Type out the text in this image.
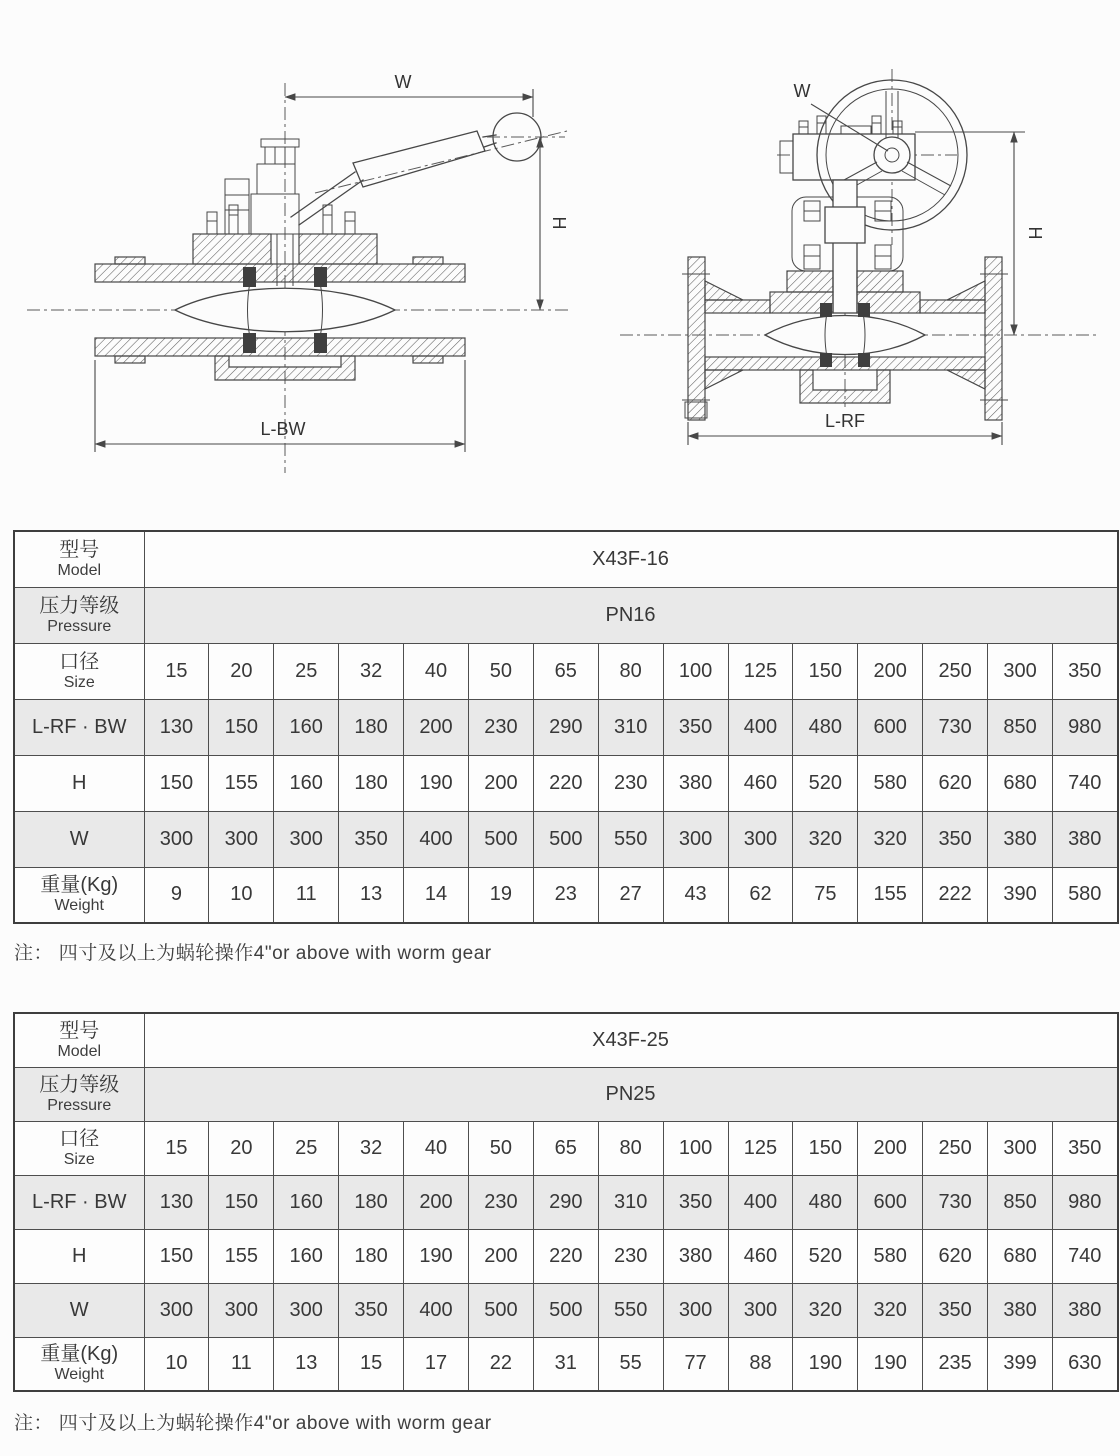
W
H
L-BW
W
H
L-RF
型号
Model	X43F-16														

压力等级
Pressure	PN16														

口径
Size	15	20	25	32	40	50	65	80	100	125	150	200	250	300	350
L-RF · BW	130	150	160	180	200	230	290	310	350	400	480	600	730	850	980
H	150	155	160	180	190	200	220	230	380	460	520	580	620	680	740
W	300	300	300	350	400	500	500	550	300	300	320	320	350	380	380

重量(Kg)
Weight	9	10	11	13	14	19	23	27	43	62	75	155	222	390	580
注： 四寸及以上为蜗轮操作4"or above with worm gear
型号
Model	X43F-25														

压力等级
Pressure	PN25														

口径
Size	15	20	25	32	40	50	65	80	100	125	150	200	250	300	350
L-RF · BW	130	150	160	180	200	230	290	310	350	400	480	600	730	850	980
H	150	155	160	180	190	200	220	230	380	460	520	580	620	680	740
W	300	300	300	350	400	500	500	550	300	300	320	320	350	380	380

重量(Kg)
Weight	10	11	13	15	17	22	31	55	77	88	190	190	235	399	630
注： 四寸及以上为蜗轮操作4"or above with worm gear
